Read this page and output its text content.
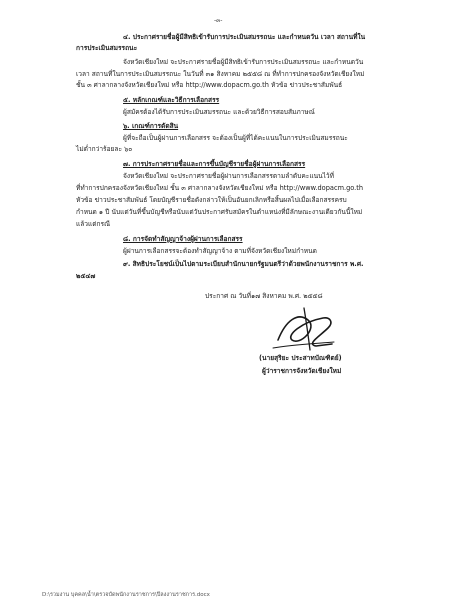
-๓-
๔. ประกาศรายชื่อผู้มีสิทธิเข้ารับการประเมินสมรรถนะ และกำหนดวัน เวลา สถานที่ใน
การประเมินสมรรถนะ
จังหวัดเชียงใหม่ จะประกาศรายชื่อผู้มีสิทธิเข้ารับการประเมินสมรรถนะ และกำหนดวัน
เวลา สถานที่ในการประเมินสมรรถนะ ในวันที่ ๓๑ สิงหาคม ๒๕๕๘ ณ ที่ทำการปกครองจังหวัดเชียงใหม่
ชั้น ๓ ศาลากลางจังหวัดเชียงใหม่ หรือ http://www.dopacm.go.th หัวข้อ ข่าวประชาสัมพันธ์
๕. หลักเกณฑ์และวิธีการเลือกสรร
ผู้สมัครต้องได้รับการประเมินสมรรถนะ และด้วยวิธีการสอบสัมภาษณ์
๖. เกณฑ์การตัดสิน
ผู้ที่จะถือเป็นผู้ผ่านการเลือกสรร จะต้องเป็นผู้ที่ได้คะแนนในการประเมินสมรรถนะ
ไม่ต่ำกว่าร้อยละ ๖๐
๗. การประกาศรายชื่อและการขึ้นบัญชีรายชื่อผู้ผ่านการเลือกสรร
จังหวัดเชียงใหม่ จะประกาศรายชื่อผู้ผ่านการเลือกสรรตามลำดับคะแนนไว้ที่
ที่ทำการปกครองจังหวัดเชียงใหม่ ชั้น ๓ ศาลากลางจังหวัดเชียงใหม่ หรือ http://www.dopacm.go.th
หัวข้อ ข่าวประชาสัมพันธ์ โดยบัญชีรายชื่อดังกล่าวให้เป็นอันยกเลิกหรือสิ้นผลไปเมื่อเลือกสรรครบ
กำหนด ๑ ปี นับแต่วันที่ขึ้นบัญชีหรือนับแต่วันประกาศรับสมัครในตำแหน่งที่มีลักษณะงานเดียวกันนี้ใหม่
แล้วแต่กรณี
๘. การจัดทำสัญญาจ้างผู้ผ่านการเลือกสรร
ผู้ผ่านการเลือกสรรจะต้องทำสัญญาจ้าง ตามที่จังหวัดเชียงใหม่กำหนด
๙. สิทธิประโยชน์เป็นไปตามระเบียบสำนักนายกรัฐมนตรีว่าด้วยพนักงานราชการ พ.ศ.
๒๕๔๗
ประกาศ ณ วันที่๑๗ สิงหาคม พ.ศ. ๒๕๕๘
(นายสุริยะ ประสาทบัณฑิตย์)
ผู้ว่าราชการจังหวัดเชียงใหม่
D:\รวมงาน บุคคล\น้ำ\ตรวจบัดพนักงานราชการ\ปีลงงานราชการ.docx
